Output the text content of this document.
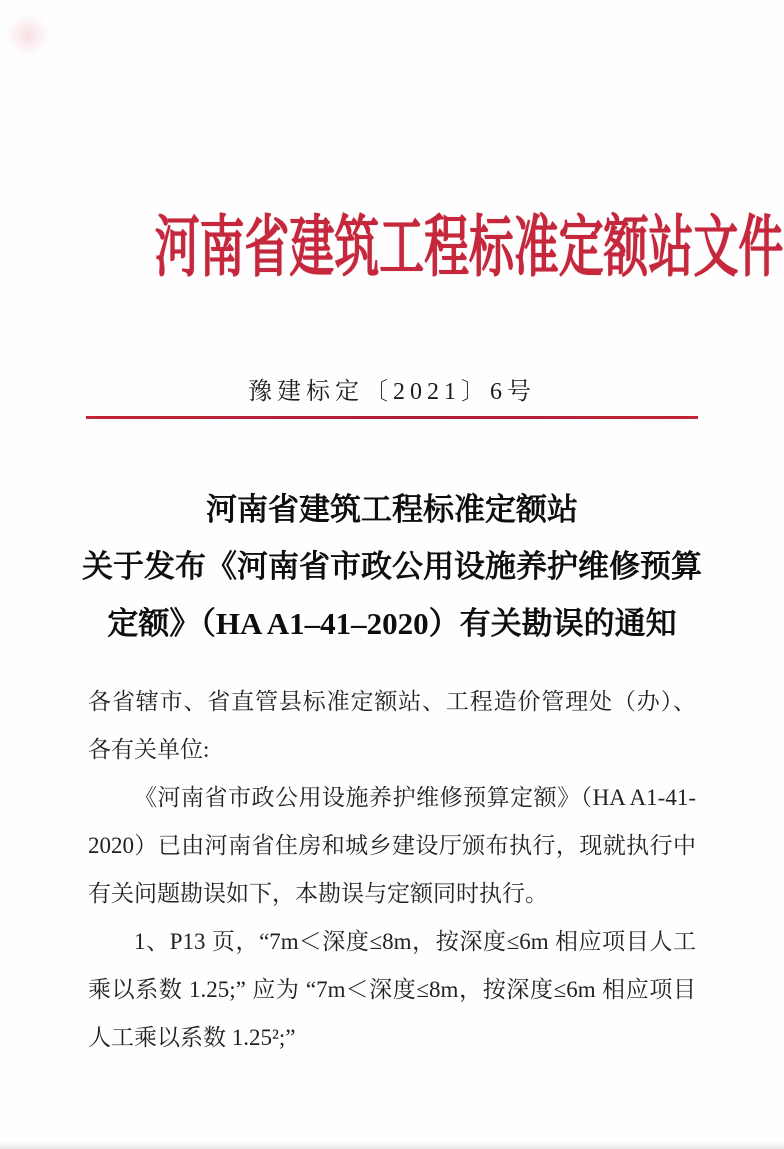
河南省建筑工程标准定额站文件
豫建标定〔2021〕6号
河南省建筑工程标准定额站
关于发布《河南省市政公用设施养护维修预算
定额》（HA A1–41–2020）有关勘误的通知

各省辖市、省直管县标准定额站、工程造价管理处（办）、各有关单位:

《河南省市政公用设施养护维修预算定额》（HA A1-41-2020）已由河南省住房和城乡建设厅颁布执行，现就执行中有关问题勘误如下，本勘误与定额同时执行。

1、P13 页，“7m＜深度≤8m，按深度≤6m 相应项目人工乘以系数 1.25;” 应为 “7m＜深度≤8m，按深度≤6m 相应项目人工乘以系数 1.25²;”
